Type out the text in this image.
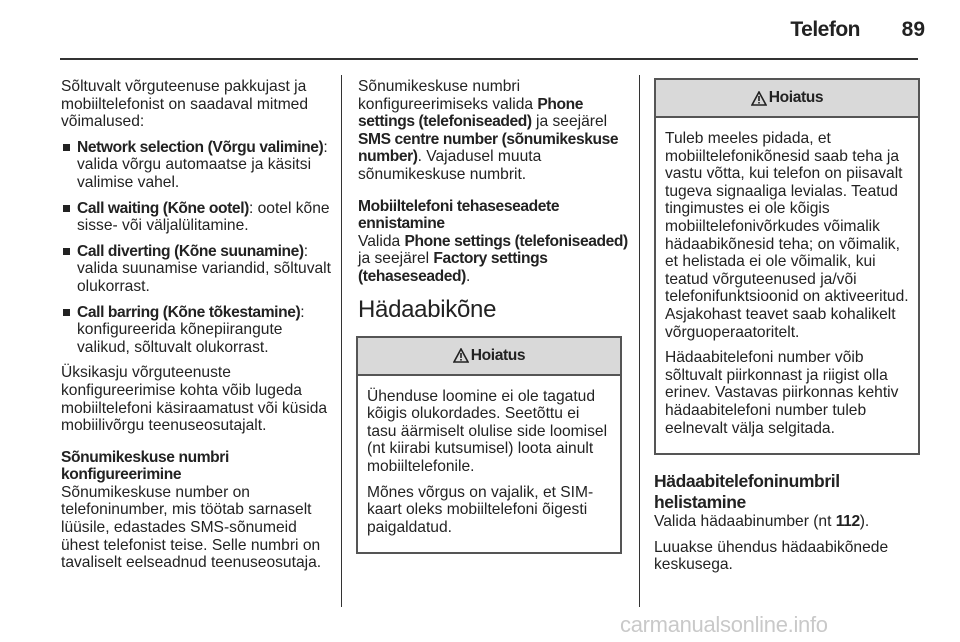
Telefon	89

Sõltuvalt võrguteenuse pakkujast ja mobiiltelefonist on saadaval mitmed võimalused:

Network selection (Võrgu valimine): valida võrgu automaatse ja käsitsi valimise vahel.
Call waiting (Kõne ootel): ootel kõne sisse- või väljalülitamine.
Call diverting (Kõne suunamine): valida suunamise variandid, sõltuvalt olukorrast.
Call barring (Kõne tõkestamine): konfigureerida kõnepiirangute valikud, sõltuvalt olukorrast.

Üksikasju võrguteenuste konfigureerimise kohta võib lugeda mobiiltelefoni käsiraamatust või küsida mobiilivõrgu teenuseosutajalt.

Sõnumikeskuse numbri konfigureerimine

Sõnumikeskuse number on telefoninumber, mis töötab sarnaselt lüüsile, edastades SMS-sõnumeid ühest telefonist teise. Selle numbri on tavaliselt eelseadnud teenuseosutaja.

Sõnumikeskuse numbri konfigureerimiseks valida Phone settings (telefoniseaded) ja seejärel SMS centre number (sõnumikeskuse number). Vajadusel muuta sõnumikeskuse numbrit.

Mobiiltelefoni tehaseseadete ennistamine

Valida Phone settings (telefoniseaded) ja seejärel Factory settings (tehaseseaded).

Hädaabikõne
Hoiatus

Ühenduse loomine ei ole tagatud kõigis olukordades. Seetõttu ei tasu äärmiselt olulise side loomisel (nt kiirabi kutsumisel) loota ainult mobiiltelefonile.

Mõnes võrgus on vajalik, et SIM-kaart oleks mobiiltelefoni õigesti paigaldatud.

Hoiatus

Tuleb meeles pidada, et mobiiltelefonikõnesid saab teha ja vastu võtta, kui telefon on piisavalt tugeva signaaliga levialas. Teatud tingimustes ei ole kõigis mobiiltelefonivõrkudes võimalik hädaabikõnesid teha; on võimalik, et helistada ei ole võimalik, kui teatud võrguteenused ja/või telefonifunktsioonid on aktiveeritud. Asjakohast teavet saab kohalikelt võrguoperaatoritelt.

Hädaabitelefoni number võib sõltuvalt piirkonnast ja riigist olla erinev. Vastavas piirkonnas kehtiv hädaabitelefoni number tuleb eelnevalt välja selgitada.

Hädaabitelefoninumbril helistamine

Valida hädaabinumber (nt 112).

Luuakse ühendus hädaabikõnede keskusega.

carmanualsonline.info
